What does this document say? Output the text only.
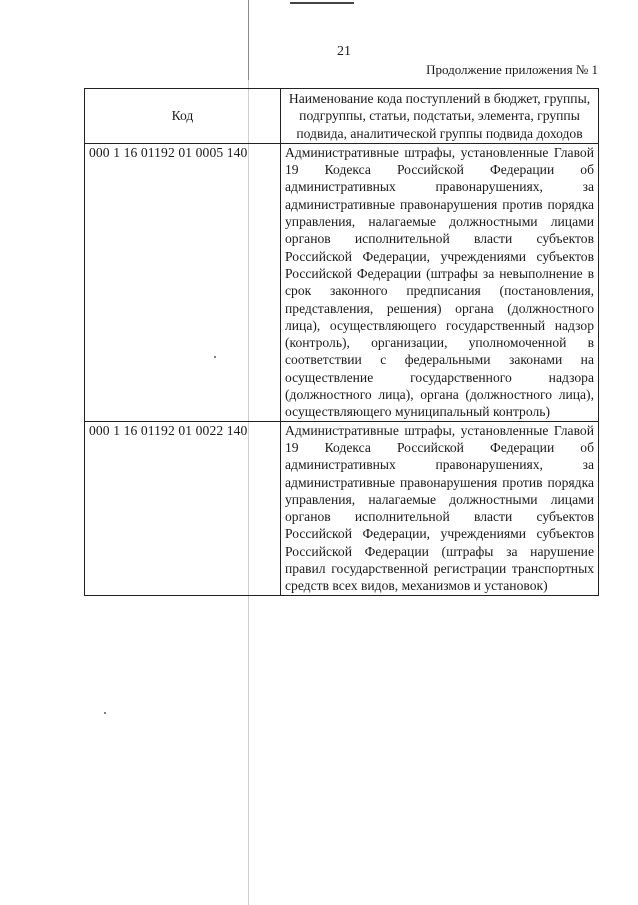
21
Продолжение приложения № 1
Код	Наименование кода поступлений в бюджет, группы, подгруппы, статьи, подстатьи, элемента, группы подвида, аналитической группы подвида доходов
000 1 16 01192 01 0005 140	Административные штрафы, установленные Главой 19 Кодекса Российской Федерации об административных правонарушениях, за административные правонарушения против порядка управления, налагаемые должностными лицами органов исполнительной власти субъектов Российской Федерации, учреждениями субъектов Российской Федерации (штрафы за невыполнение в срок законного предписания (постановления, представления, решения) органа (должностного лица), осуществляющего государственный надзор (контроль), организации, уполномоченной в соответствии с федеральными законами на осуществление государственного надзора (должностного лица), органа (должностного лица), осуществляющего муниципальный контроль)
000 1 16 01192 01 0022 140	Административные штрафы, установленные Главой 19 Кодекса Российской Федерации об административных правонарушениях, за административные правонарушения против порядка управления, налагаемые должностными лицами органов исполнительной власти субъектов Российской Федерации, учреждениями субъектов Российской Федерации (штрафы за нарушение правил государственной регистрации транспортных средств всех видов, механизмов и установок)
